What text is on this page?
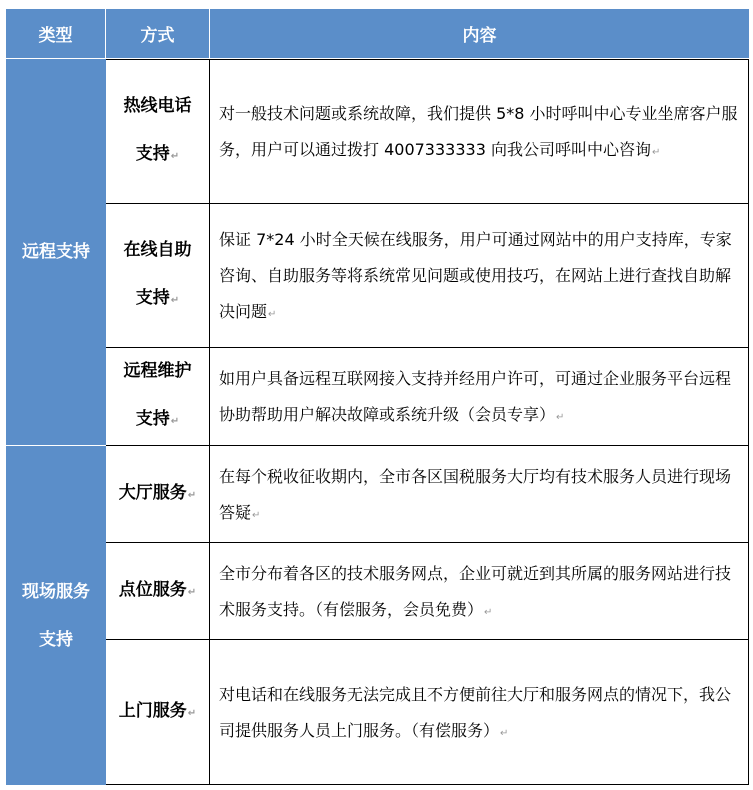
类型	方式	内容
远程支持
热线电话支持↵
对一般技术问题或系统故障，我们提供 5*8 小时呼叫中心专业坐席客户服务，用户可以通过拨打 4007333333 向我公司呼叫中心咨询↵
在线自助支持↵
保证 7*24 小时全天候在线服务，用户可通过网站中的用户支持库，专家咨询、自助服务等将系统常见问题或使用技巧，在网站上进行查找自助解决问题↵
远程维护支持↵
如用户具备远程互联网接入支持并经用户许可，可通过企业服务平台远程协助帮助用户解决故障或系统升级（会员专享）↵
现场服务支持
大厅服务↵
在每个税收征收期内，全市各区国税服务大厅均有技术服务人员进行现场答疑↵
点位服务↵
全市分布着各区的技术服务网点，企业可就近到其所属的服务网站进行技术服务支持。（有偿服务，会员免费）↵
上门服务↵
对电话和在线服务无法完成且不方便前往大厅和服务网点的情况下，我公司提供服务人员上门服务。（有偿服务）↵
